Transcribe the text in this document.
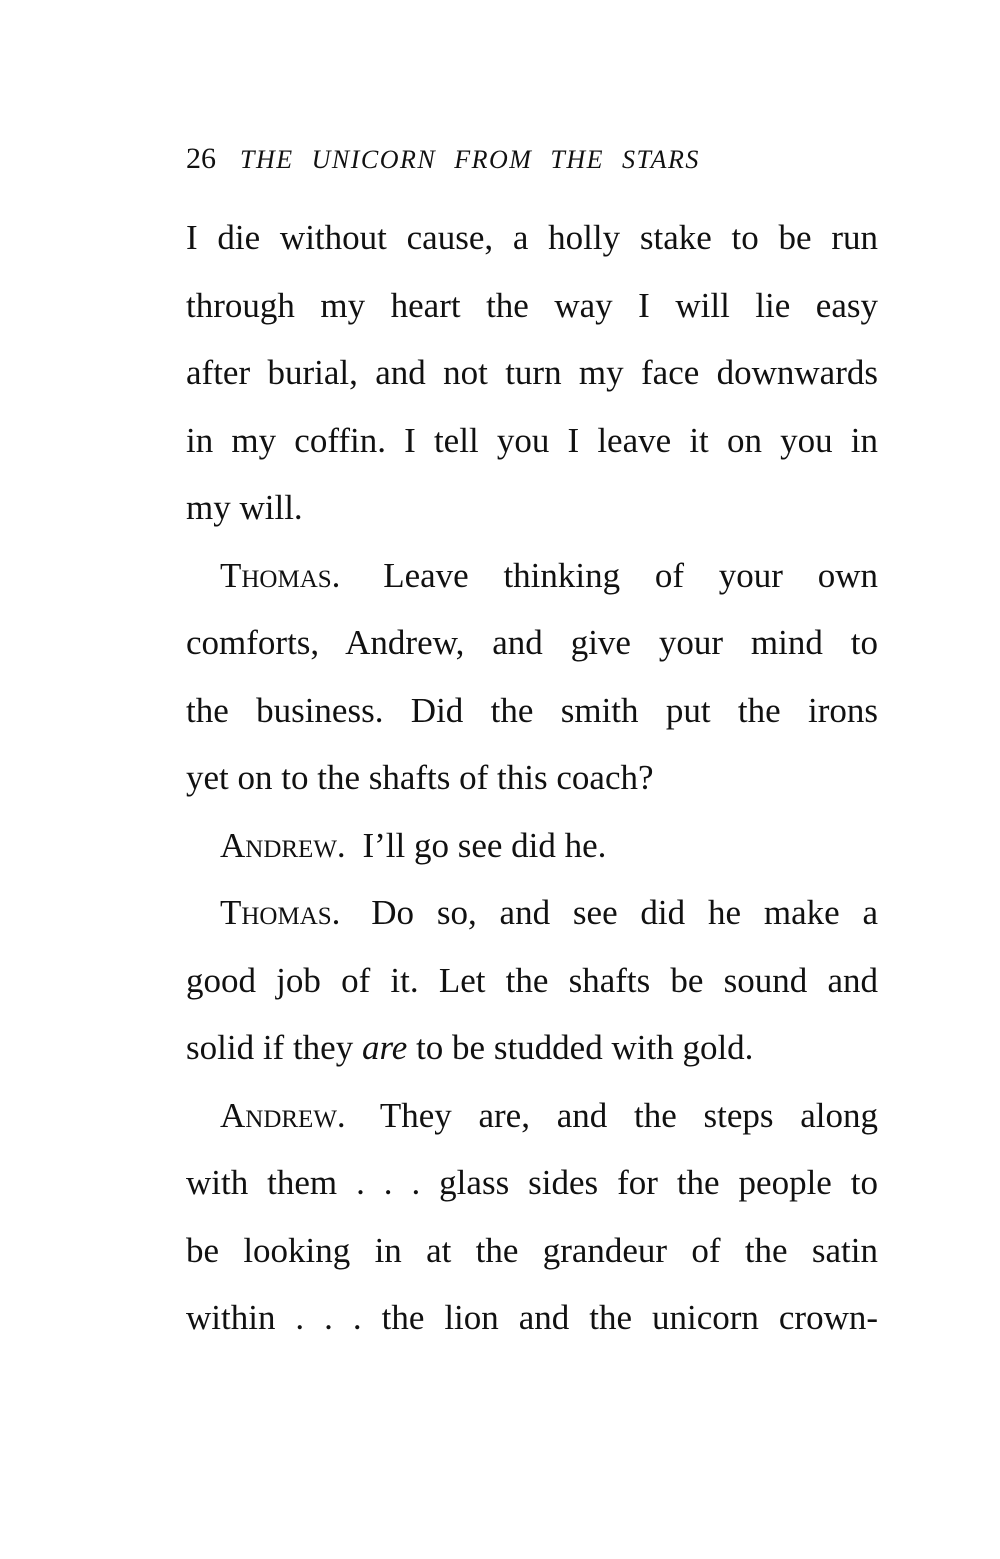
26 THE UNICORN FROM THE STARS

I die without cause, a holly stake to be run
through my heart the way I will lie easy
after burial, and not turn my face downwards
in my coffin. I tell you I leave it on you in
my will.

Thomas. Leave thinking of your own
comforts, Andrew, and give your mind to
the business. Did the smith put the irons
yet on to the shafts of this coach?

Andrew. I’ll go see did he.

Thomas. Do so, and see did he make a
good job of it. Let the shafts be sound and
solid if they are to be studded with gold.

Andrew. They are, and the steps along
with them . . . glass sides for the people to
be looking in at the grandeur of the satin
within . . . the lion and the unicorn crown-
